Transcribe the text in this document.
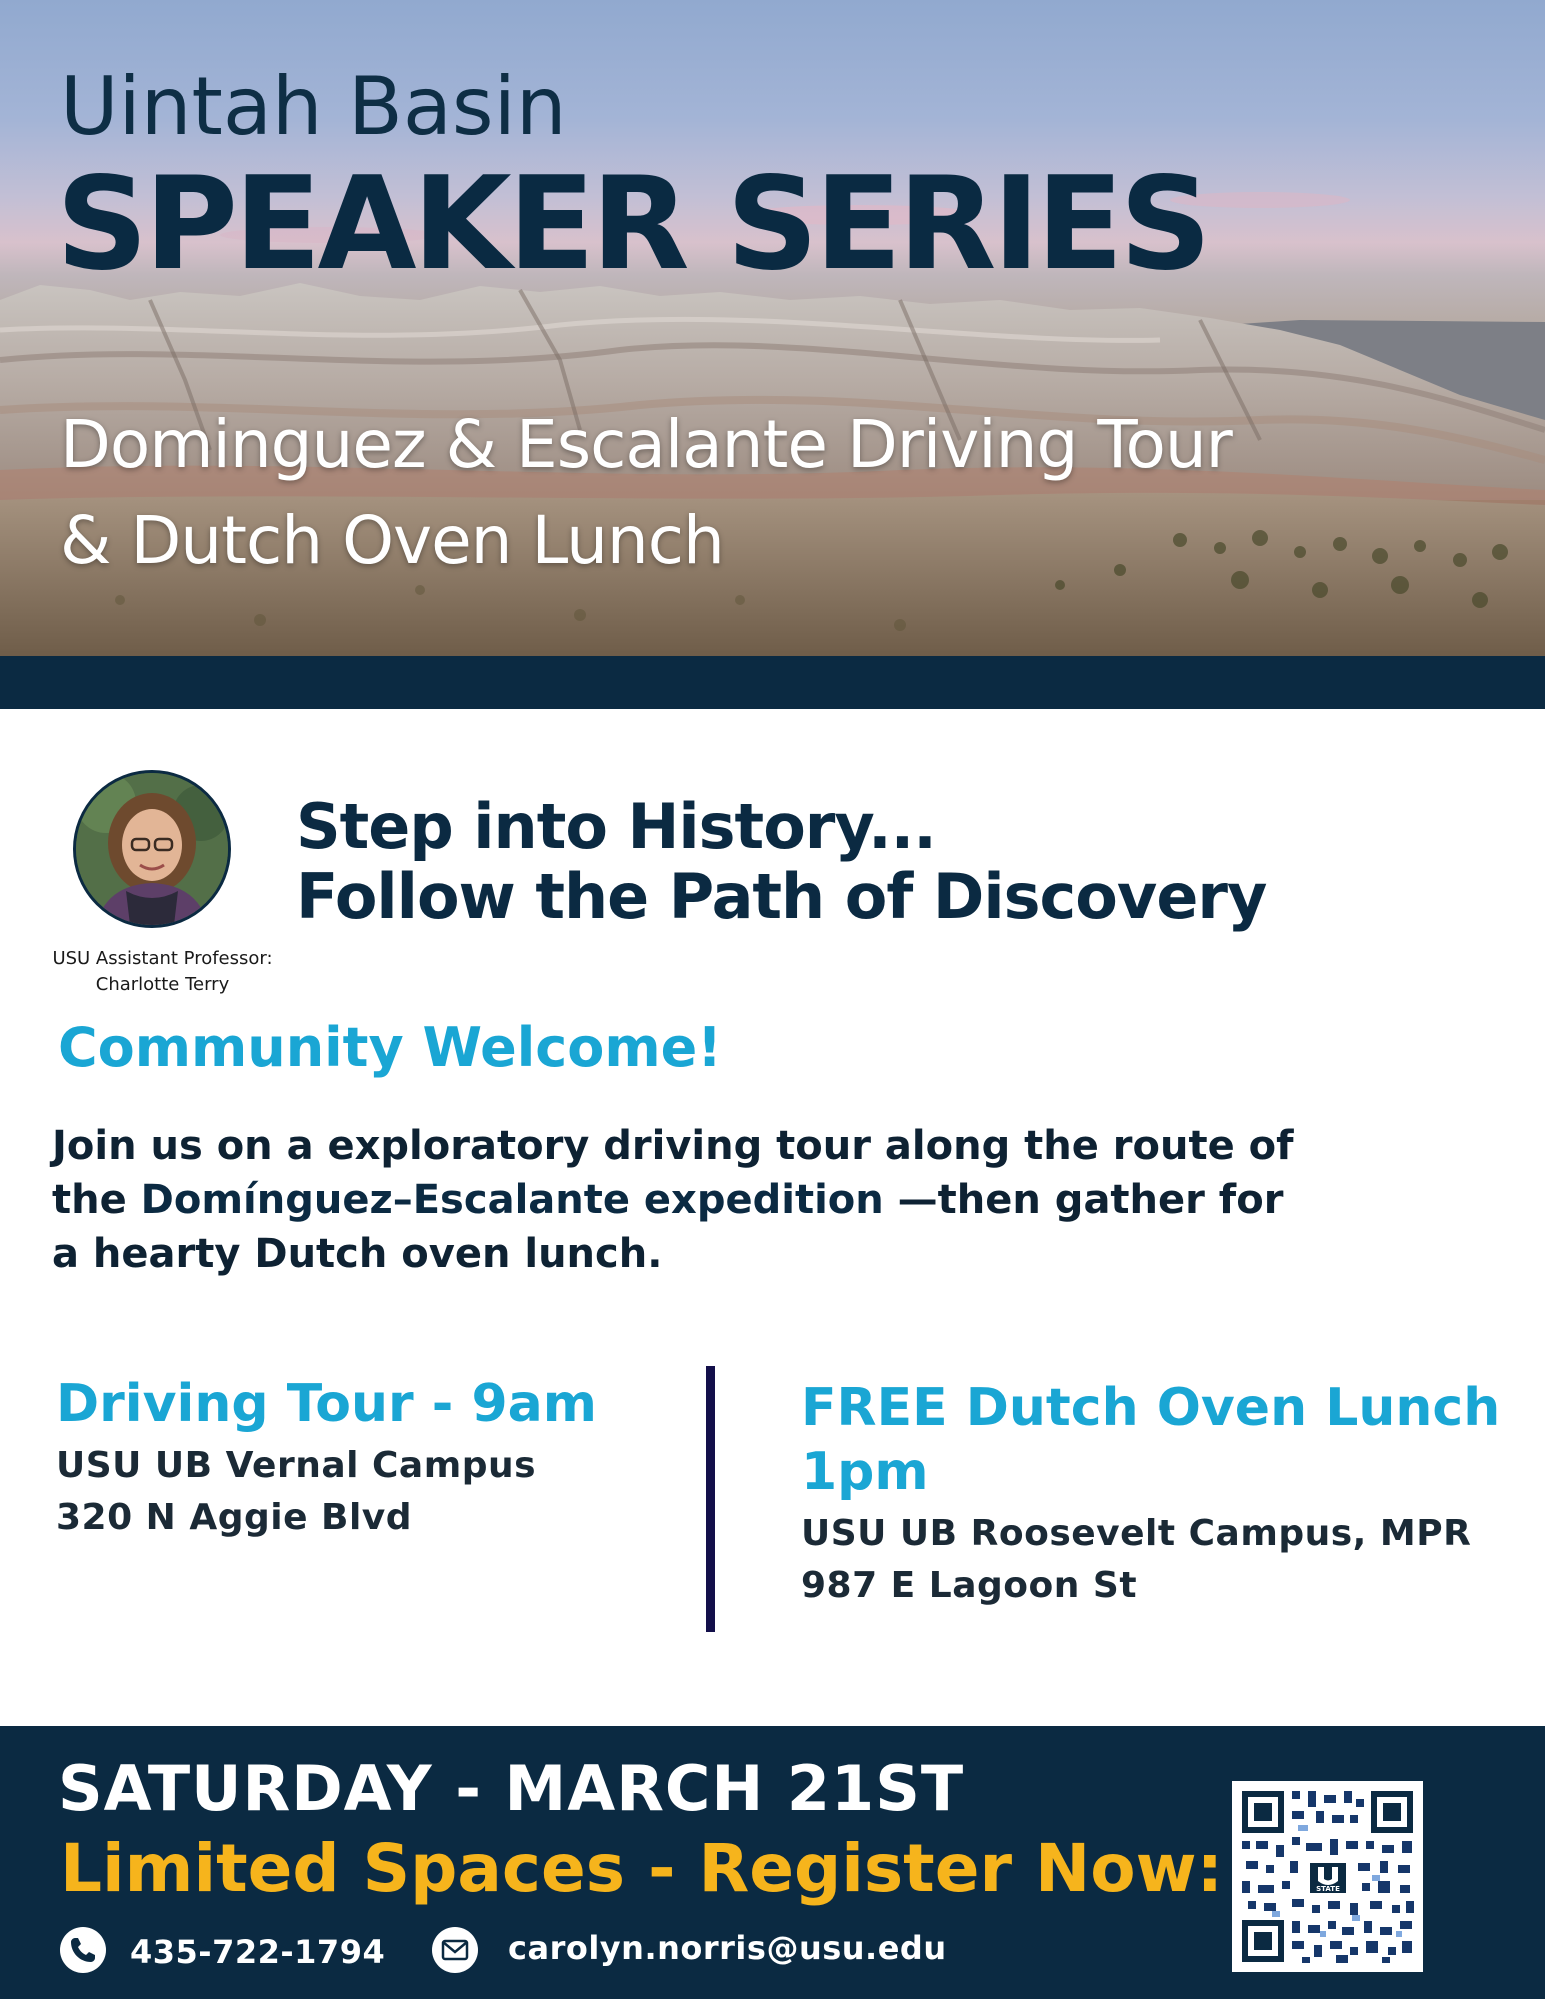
Uintah Basin
SPEAKER SERIES
Dominguez & Escalante Driving Tour
& Dutch Oven Lunch
USU Assistant Professor:
Charlotte Terry
Step into History...
Follow the Path of Discovery
Community Welcome!
Join us on a exploratory driving tour along the route of
the Domínguez–Escalante expedition —then gather for
a hearty Dutch oven lunch.
Driving Tour - 9am
USU UB Vernal Campus
320 N Aggie Blvd
FREE Dutch Oven Lunch
1pm
USU UB Roosevelt Campus, MPR
987 E Lagoon St
SATURDAY - MARCH 21ST
Limited Spaces - Register Now:
435-722-1794	carolyn.norris@usu.edu
STATE
